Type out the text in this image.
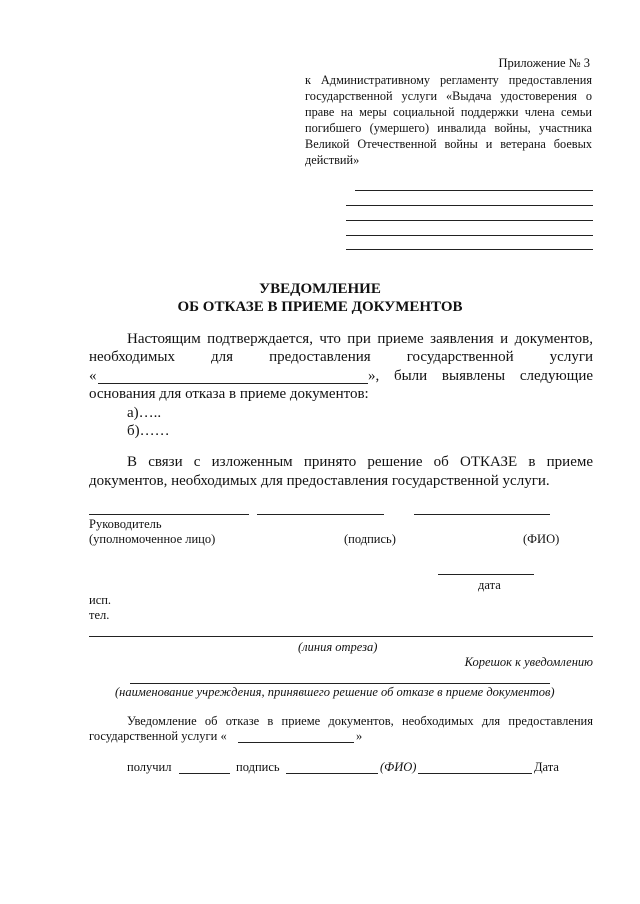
Приложение № 3
к Административному регламенту предоставления государственной услуги «Выдача удостоверения о праве на меры социальной поддержки члена семьи погибшего (умершего) инвалида войны, участника Великой Отечественной войны и ветерана боевых действий»
УВЕДОМЛЕНИЕ
ОБ ОТКАЗЕ В ПРИЕМЕ ДОКУМЕНТОВ
Настоящим подтверждается, что при приеме заявления и документов,
необходимых для предоставления государственной услуги
«	», были выявлены следующие
основания для отказа в приеме документов:
а)…..
б)……
В связи с изложенным принято решение об ОТКАЗЕ в приеме
документов, необходимых для предоставления государственной услуги.
Руководитель
(уполномоченное лицо)	(подпись)	(ФИО)
дата
исп.
тел.
(линия отреза)
Корешок к уведомлению
(наименование учреждения, принявшего решение об отказе в приеме документов)
Уведомление об отказе в приеме документов, необходимых для предоставления
государственной услуги «	»
получил	подпись	(ФИО)	Дата
